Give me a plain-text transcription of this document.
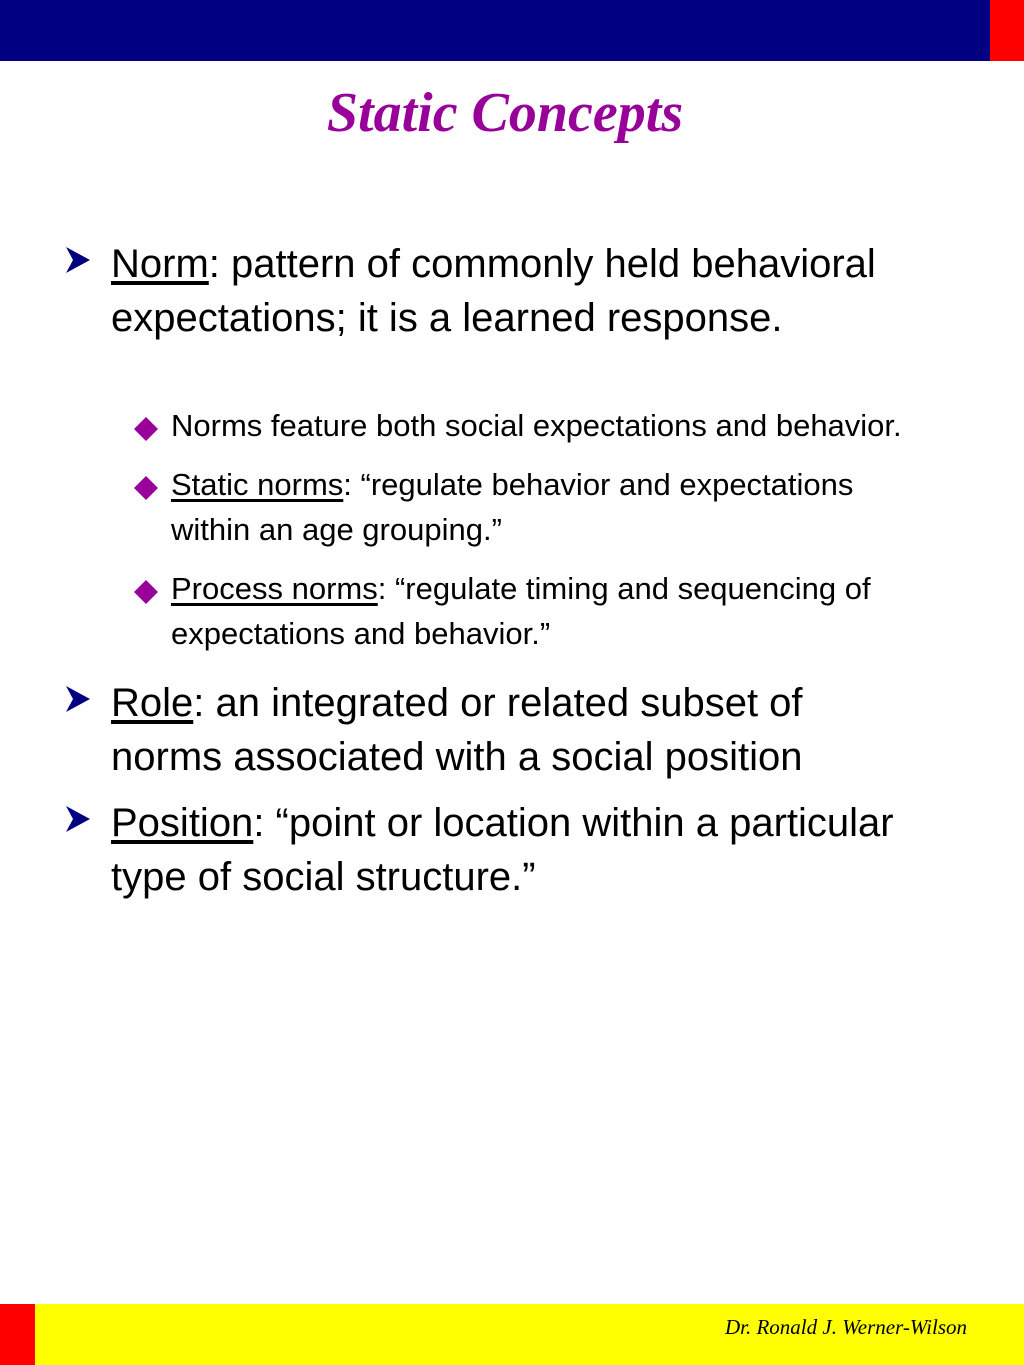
Static Concepts
Norm: pattern of commonly held behavioral expectations; it is a learned response.
Norms feature both social expectations and behavior.
Static norms: “regulate behavior and expectations within an age grouping.”
Process norms: “regulate timing and sequencing of expectations and behavior.”
Role: an integrated or related subset of norms associated with a social position
Position: “point or location within a particular type of social structure.”
Dr. Ronald J. Werner-Wilson
